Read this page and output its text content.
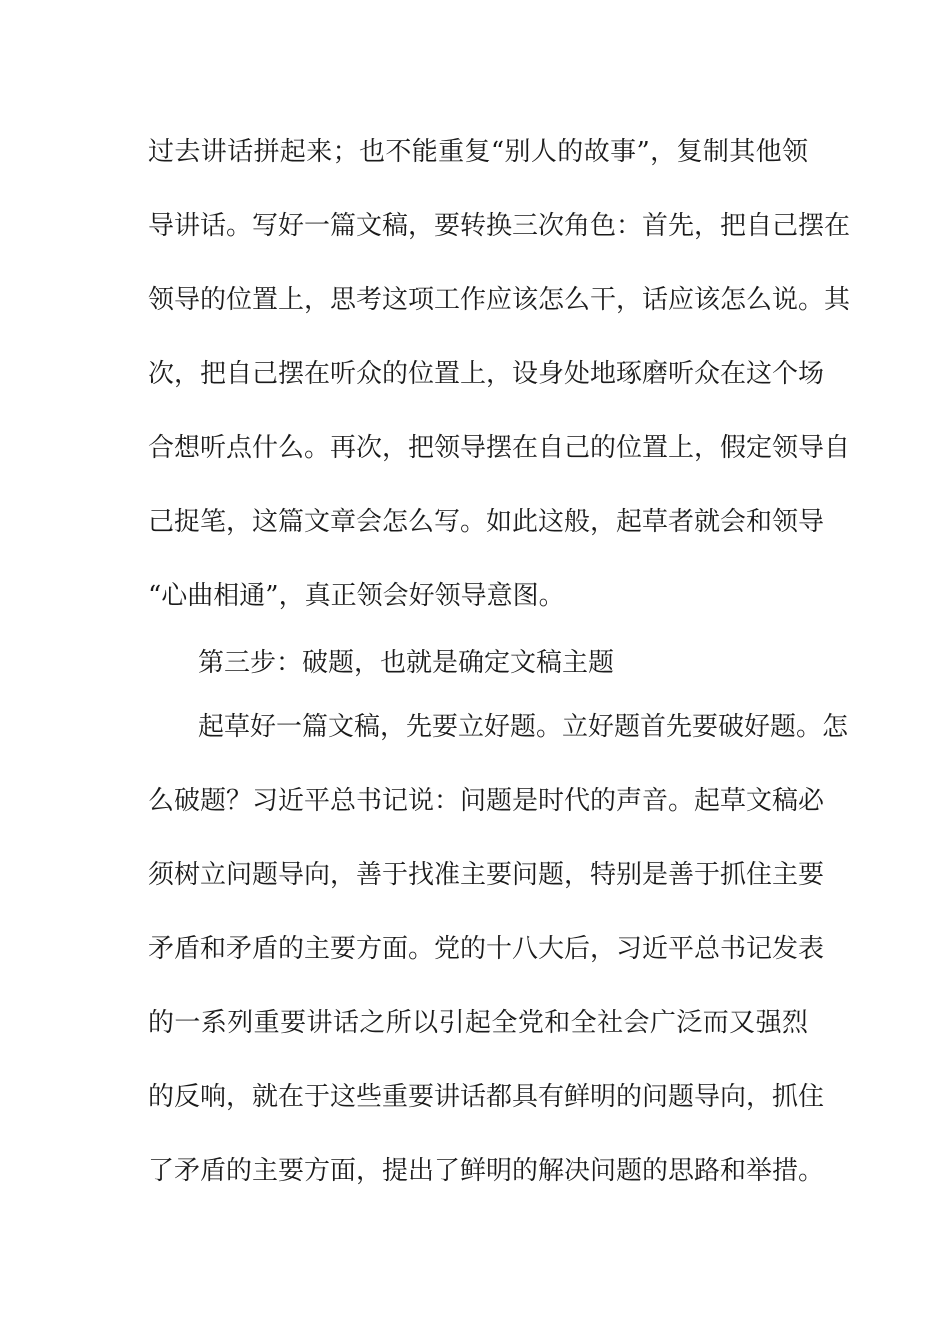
过去讲话拼起来；也不能重复“别人的故事”，复制其他领
导讲话。写好一篇文稿，要转换三次角色：首先，把自己摆在
领导的位置上，思考这项工作应该怎么干，话应该怎么说。其
次，把自己摆在听众的位置上，设身处地琢磨听众在这个场
合想听点什么。再次，把领导摆在自己的位置上，假定领导自
己捉笔，这篇文章会怎么写。如此这般，起草者就会和领导
“心曲相通”，真正领会好领导意图。
第三步：破题，也就是确定文稿主题
起草好一篇文稿，先要立好题。立好题首先要破好题。怎
么破题？习近平总书记说：问题是时代的声音。起草文稿必
须树立问题导向，善于找准主要问题，特别是善于抓住主要
矛盾和矛盾的主要方面。党的十八大后，习近平总书记发表
的一系列重要讲话之所以引起全党和全社会广泛而又强烈
的反响，就在于这些重要讲话都具有鲜明的问题导向，抓住
了矛盾的主要方面，提出了鲜明的解决问题的思路和举措。
